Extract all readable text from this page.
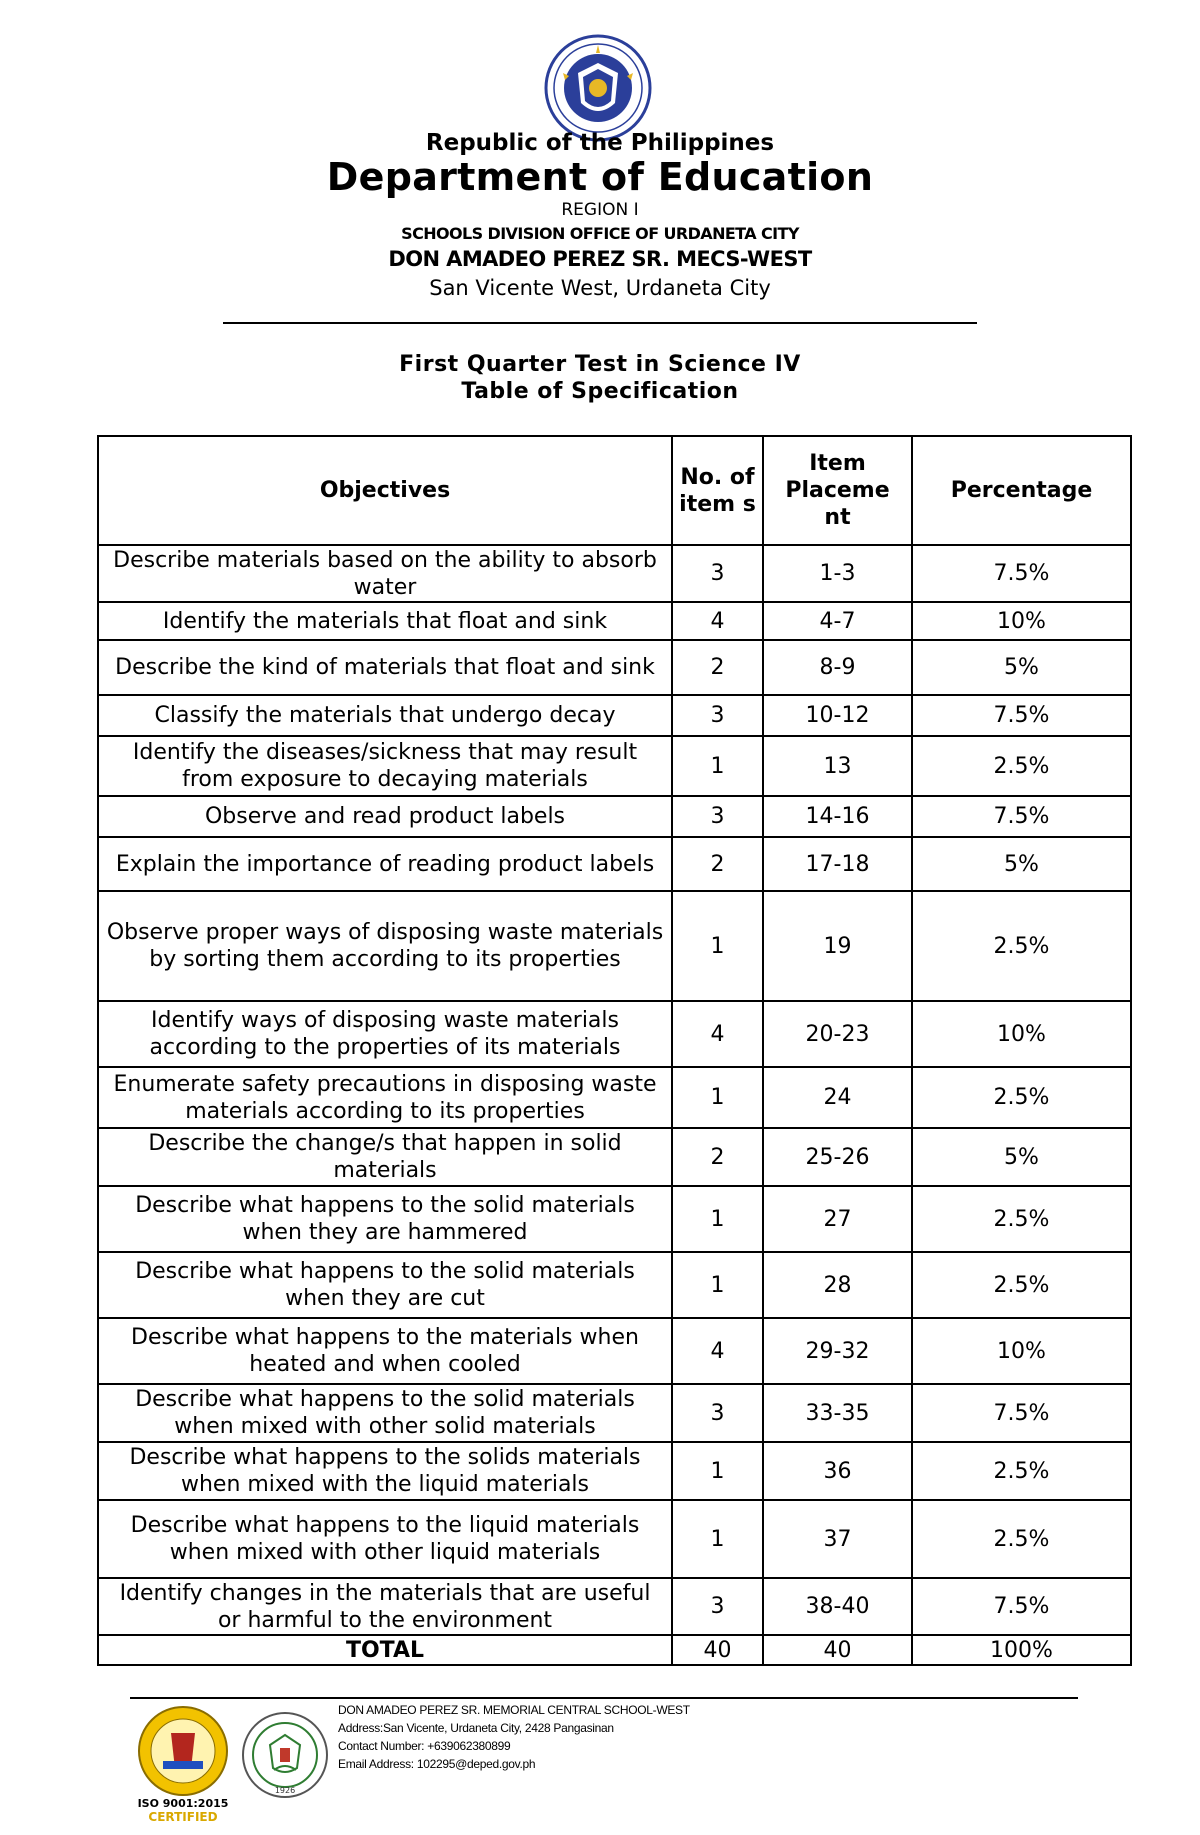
Republic of the Philippines
Department of Education
REGION I
SCHOOLS DIVISION OFFICE OF URDANETA CITY
DON AMADEO PEREZ SR. MECS-WEST
San Vicente West, Urdaneta City
First Quarter Test in Science IV
Table of Specification
Objectives	No. of item s	Item Placeme nt	Percentage
Describe materials based on the ability to absorb water	3	1-3	7.5%
Identify the materials that float and sink	4	4-7	10%
Describe the kind of materials that float and sink	2	8-9	5%
Classify the materials that undergo decay	3	10-12	7.5%
Identify the diseases/sickness that may result from exposure to decaying materials	1	13	2.5%
Observe and read product labels	3	14-16	7.5%
Explain the importance of reading product labels	2	17-18	5%
Observe proper ways of disposing waste materials by sorting them according to its properties	1	19	2.5%
Identify ways of disposing waste materials according to the properties of its materials	4	20-23	10%
Enumerate safety precautions in disposing waste materials according to its properties	1	24	2.5%
Describe the change/s that happen in solid materials	2	25-26	5%
Describe what happens to the solid materials when they are hammered	1	27	2.5%
Describe what happens to the solid materials when they are cut	1	28	2.5%
Describe what happens to the materials when heated and when cooled	4	29-32	10%
Describe what happens to the solid materials when mixed with other solid materials	3	33-35	7.5%
Describe what happens to the solids materials when mixed with the liquid materials	1	36	2.5%
Describe what happens to the liquid materials when mixed with other liquid materials	1	37	2.5%
Identify changes in the materials that are useful or harmful to the environment	3	38-40	7.5%
TOTAL	40	40	100%
ISO 9001:2015
CERTIFIED
1926
DON AMADEO PEREZ SR. MEMORIAL CENTRAL SCHOOL-WEST
Address:San Vicente, Urdaneta City, 2428 Pangasinan
Contact Number: +639062380899
Email Address: 102295@deped.gov.ph
